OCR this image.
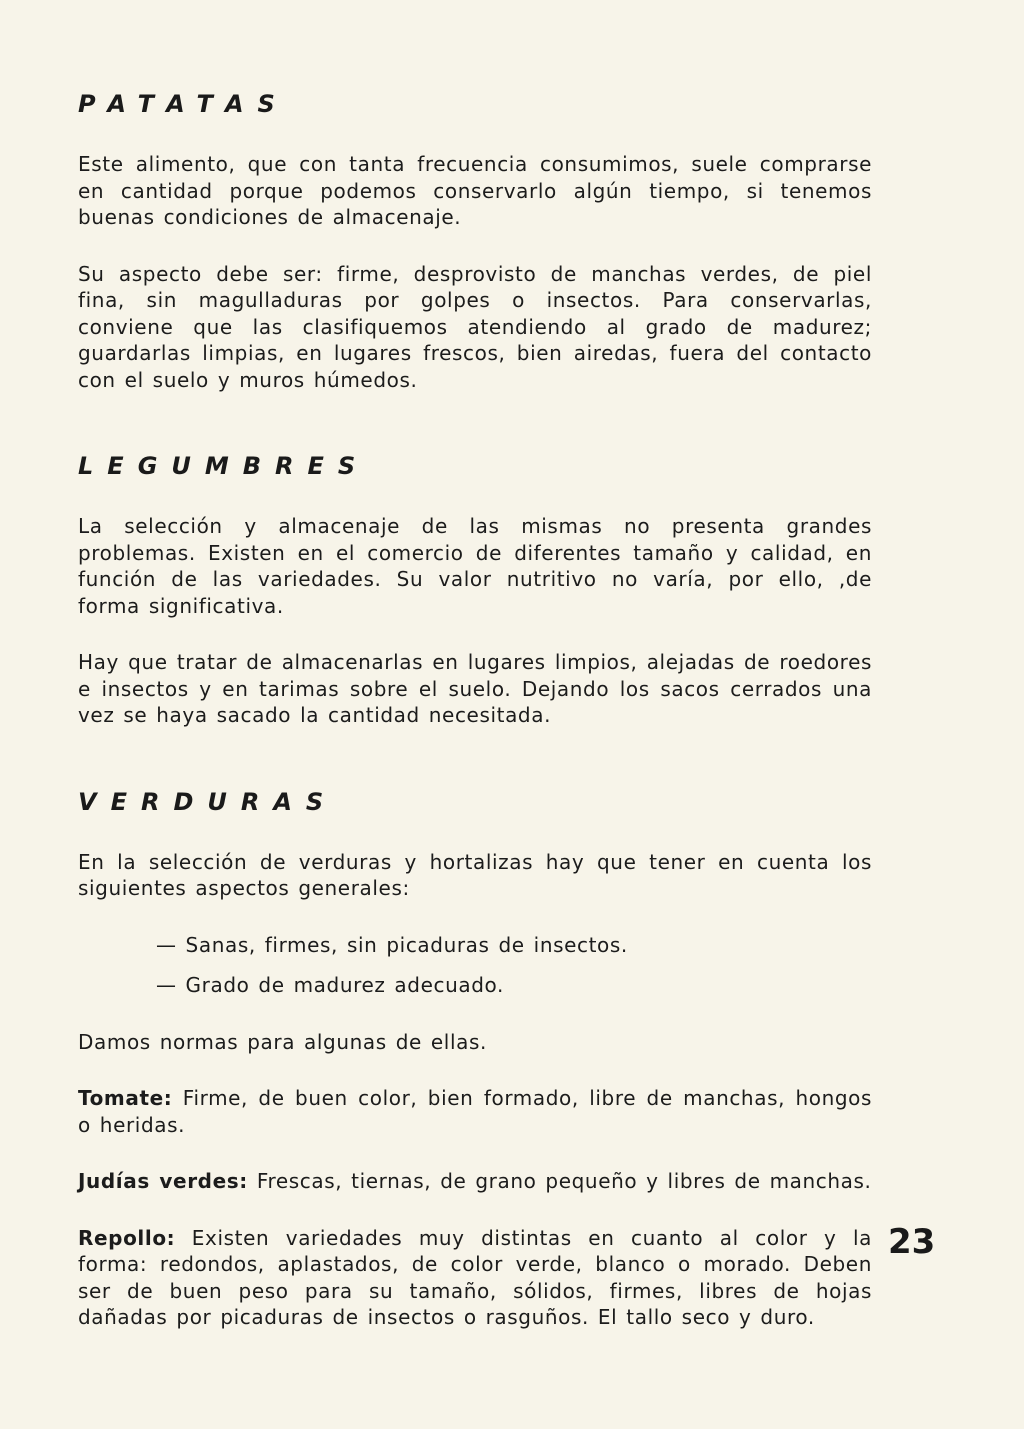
PATATAS

Este alimento, que con tanta frecuencia consumimos, suele comprarse en cantidad porque podemos conservarlo algún tiempo, si tenemos buenas condiciones de almacenaje.

Su aspecto debe ser: firme, desprovisto de manchas verdes, de piel fina, sin magulladuras por golpes o insectos. Para conservarlas, conviene que las clasifiquemos atendiendo al grado de madurez; guardarlas limpias, en lugares frescos, bien airedas, fuera del contacto con el suelo y muros húmedos.

LEGUMBRES

La selección y almacenaje de las mismas no presenta grandes problemas. Existen en el comercio de diferentes tamaño y calidad, en función de las variedades. Su valor nutritivo no varía, por ello, ,de forma significativa.

Hay que tratar de almacenarlas en lugares limpios, alejadas de roedores e insectos y en tarimas sobre el suelo. Dejando los sacos cerrados una vez se haya sacado la cantidad necesitada.

VERDURAS

En la selección de verduras y hortalizas hay que tener en cuenta los siguientes aspectos generales:

— Sanas, firmes, sin picaduras de insectos.

— Grado de madurez adecuado.

Damos normas para algunas de ellas.

Tomate: Firme, de buen color, bien formado, libre de manchas, hongos o heridas.

Judías verdes: Frescas, tiernas, de grano pequeño y libres de manchas.

Repollo: Existen variedades muy distintas en cuanto al color y la forma: redondos, aplastados, de color verde, blanco o morado. Deben ser de buen peso para su tamaño, sólidos, firmes, libres de hojas dañadas por picaduras de insectos o rasguños. El tallo seco y duro.

23
